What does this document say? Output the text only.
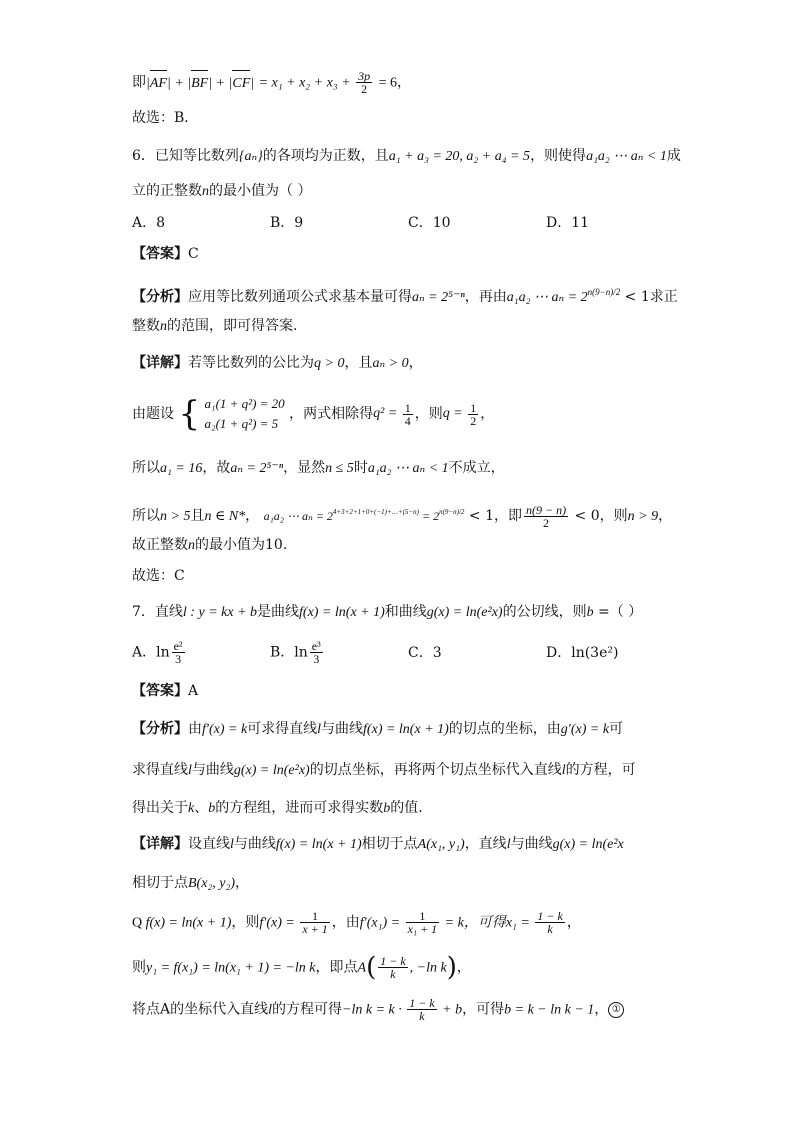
即$|AF| + |BF| + |CF| = x_1 + x_2 + x_3 + \frac{3p}{2} = 6$，
故选：B．
6．已知等比数列{aₙ}的各项均为正数，且a₁ + a₃ = 20, a₂ + a₄ = 5，则使得a₁a₂ ⋯ aₙ < 1成
立的正整数n的最小值为（ ）
A．8	B．9	C．10	D．11
【答案】C
【分析】应用等比数列通项公式求基本量可得aₙ = 2⁵⁻ⁿ，再由a₁a₂ ⋯ $a_n = 2^{n(9-n)/2} < 1$求正
整数n的范围，即可得答案.
【详解】若等比数列的公比为q > 0，且aₙ > 0，
由题设 { a₁(1 + q²) = 20
a₂(1 + q²) = 5
，两式相除得$q^2 = \frac{1}{4}$ ，则$q = \frac{1}{2}$ ，
所以a₁ = 16，故aₙ = 2⁵⁻ⁿ，显然n ≤ 5时a₁a₂ ⋯ aₙ < 1不成立，
所以n > 5且n ∈ N*， a₁a₂ ⋯ $a_n = 2^{4+3+2+1+0+(-1)+\dots+(5-n)} = 2^{n(9-n)/2} < 1$，即 $\frac{n(9 - n)}{2} < 0$，则n > 9，
故正整数n的最小值为10.
故选：C
7．直线l : y = kx + b是曲线f(x) = ln(x + 1)和曲线g(x) = ln(e²x)的公切线，则b =（ ）
A．$\ln \frac{\text{e²}}{3}$	B．$\ln \frac{\text{e³}}{3}$	C．3	D．ln(3e²)
【答案】A
【分析】由f′(x) = k可求得直线l与曲线f(x) = ln(x + 1)的切点的坐标，由g′(x) = k可
求得直线l与曲线g(x) = ln(e²x)的切点坐标，再将两个切点坐标代入直线l的方程，可
得出关于k、b的方程组，进而可求得实数b的值.
【详解】设直线l与曲线f(x) = ln(x + 1)相切于点A(x₁, y₁)，直线l与曲线g(x) = ln(e²x
相切于点B(x₂, y₂)，
Q f(x) = ln(x + 1)，则$f'(x) = \frac{1}{x + 1}$ ，由$f'(x_1) = \frac{1}{\text{x₁ + 1}} = k$，可得$x_1 = \frac{1 - k}{k}$ ，
则y₁ = f(x₁) = ln(x₁ + 1) = −ln k，即点$A( \frac{1 - k}{k}$ , −ln k)，
将点A的坐标代入直线l的方程可得−ln $k = k \cdot \frac{1 - k}{k} + b$，可得b = k − ln k − 1， ①
